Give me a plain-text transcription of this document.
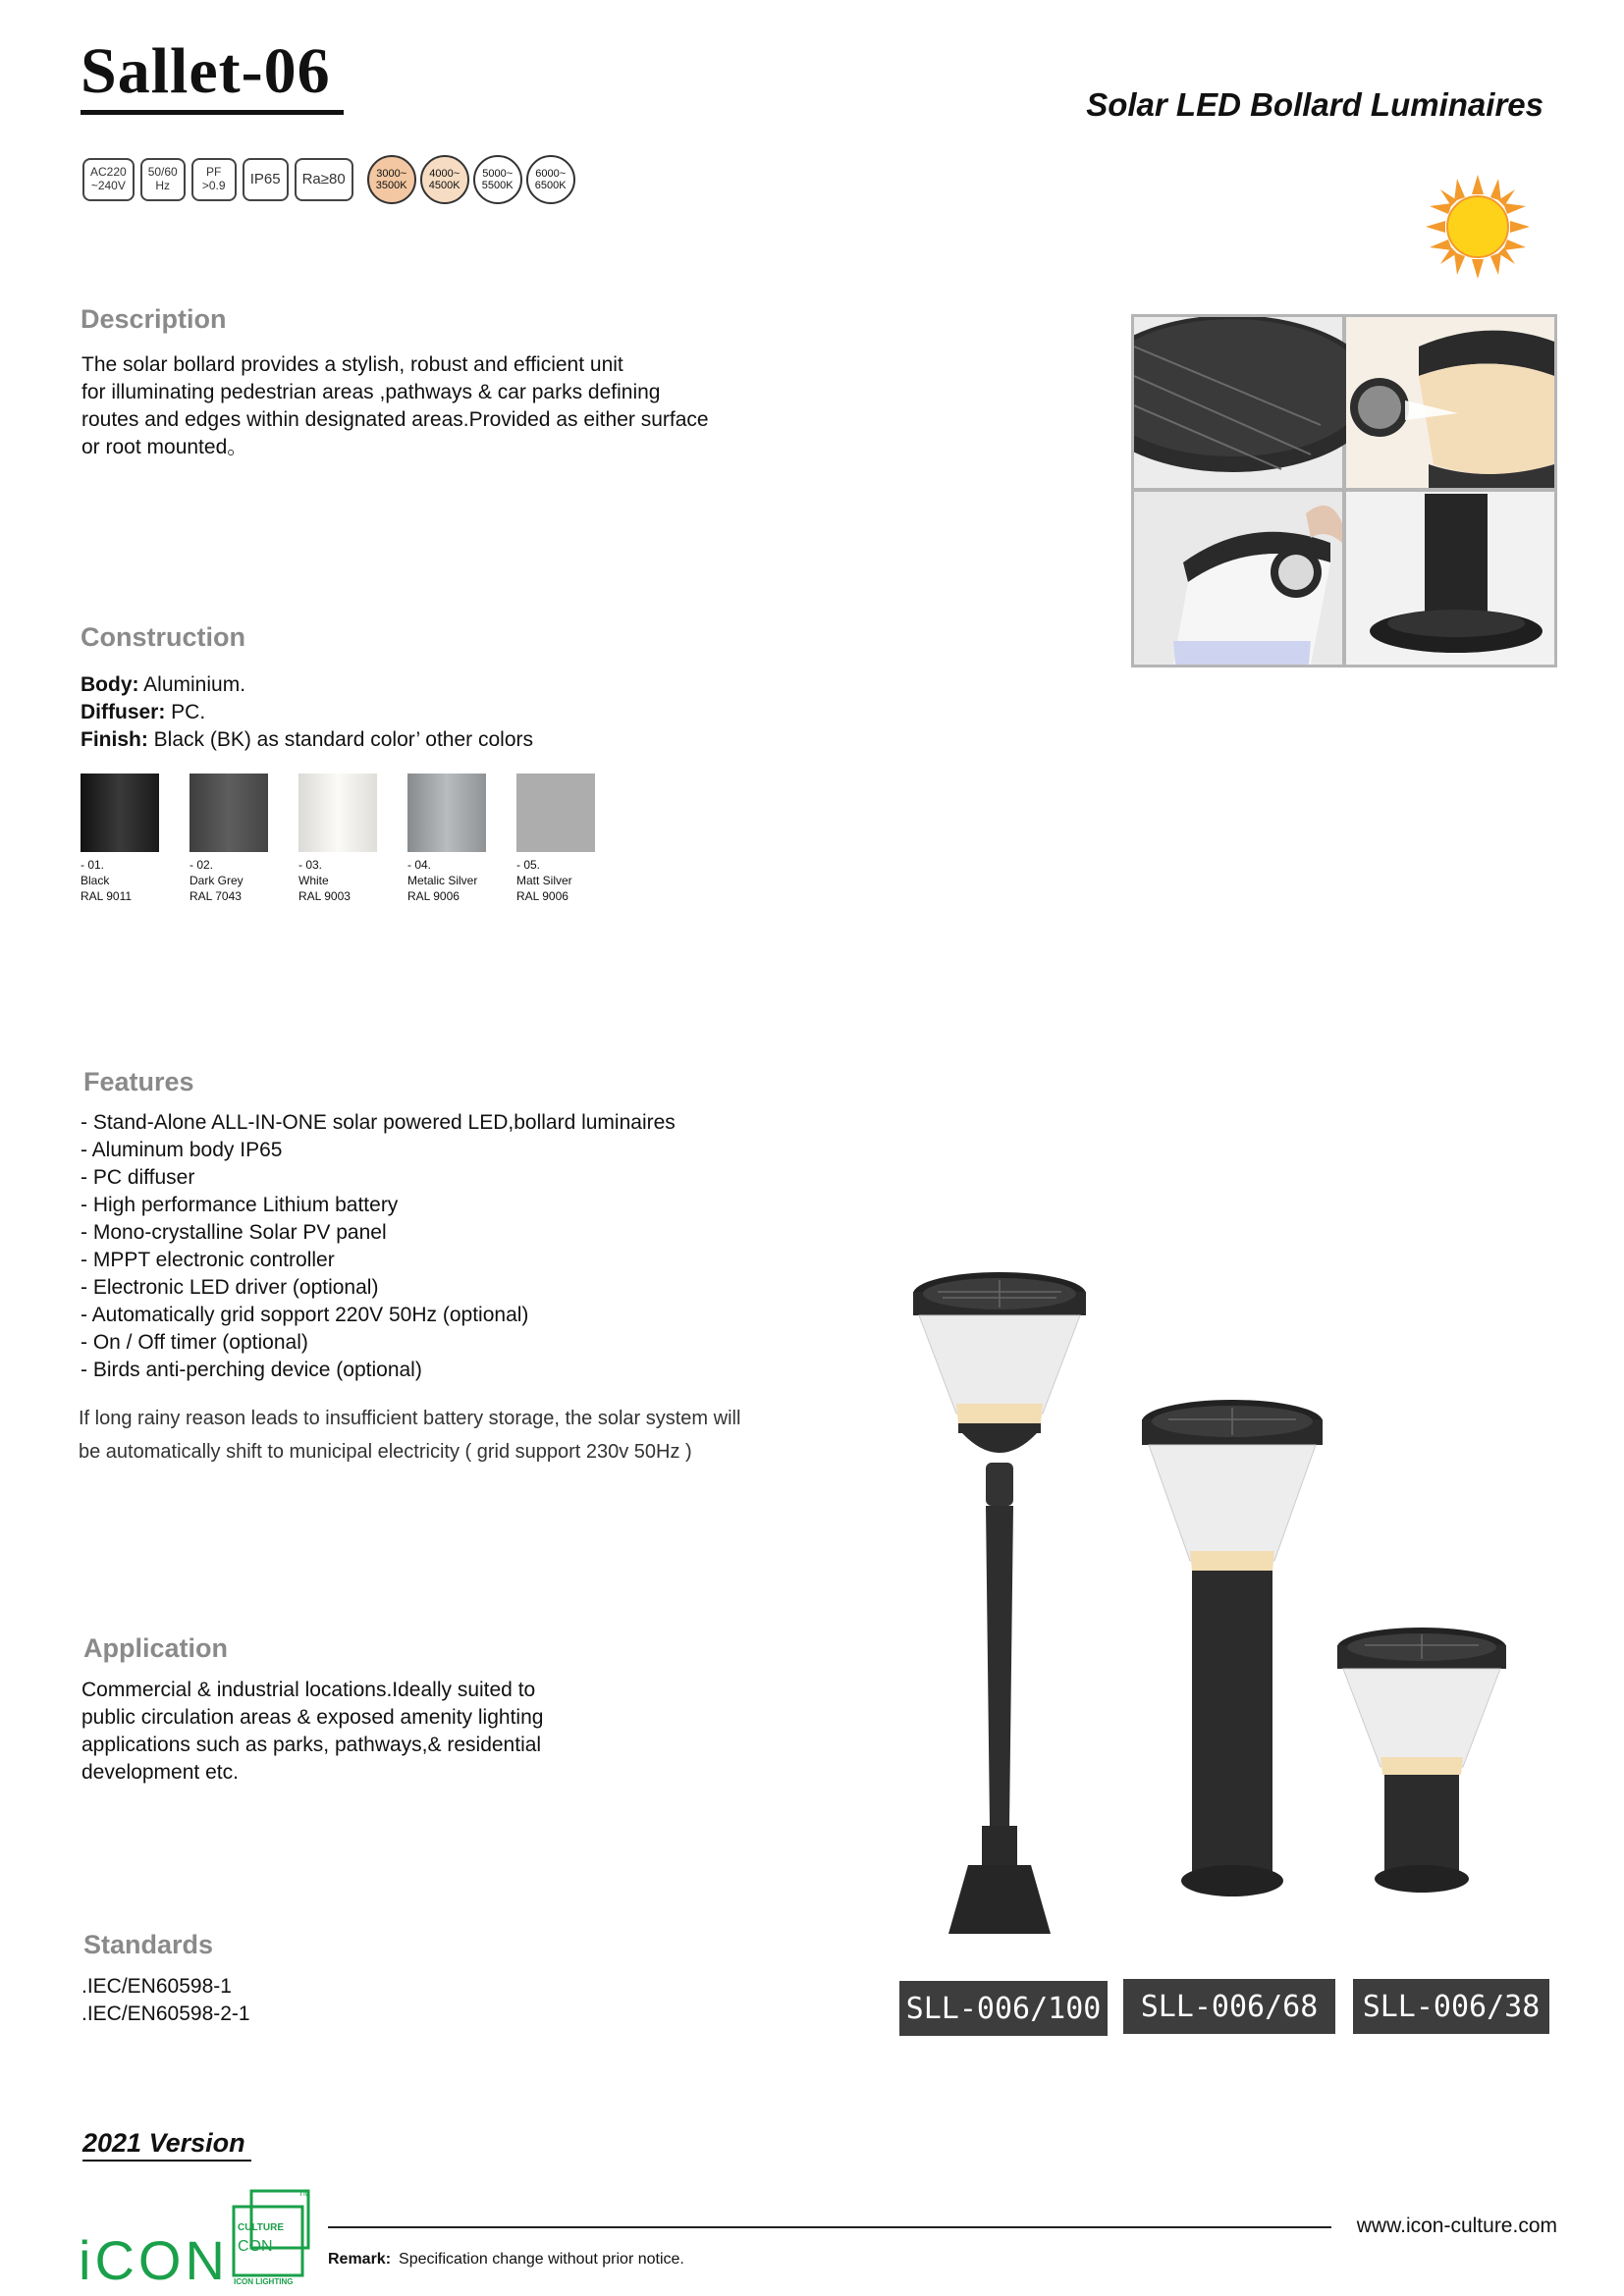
Sallet-06	Solar LED Bollard Luminaires
AC220
~240V
50/60
Hz
PF
>0.9	IP65	Ra≥80	3000~
3500K
4000~
4500K
5000~
5500K
6000~
6500K
Description
The solar bollard provides a stylish, robust and efficient unit
for illuminating pedestrian areas ,pathways & car parks defining
routes and edges within designated areas.Provided as either surface
or root mounted。
Construction
Body: Aluminium.
Diffuser: PC.
Finish: Black (BK) as standard color’ other colors
- 01.
Black
RAL 9011
- 02.
Dark Grey
RAL 7043
- 03.
White
RAL 9003
- 04.
Metalic Silver
RAL 9006
- 05.
Matt Silver
RAL 9006
Features
- Stand-Alone ALL-IN-ONE solar powered LED,bollard luminaires
- Aluminum body IP65
- PC diffuser
- High performance Lithium battery
- Mono-crystalline Solar PV panel
- MPPT electronic controller
- Electronic LED driver (optional)
- Automatically grid sopport 220V 50Hz (optional)
- On / Off timer (optional)
- Birds anti-perching device (optional)
If long rainy reason leads to insufficient battery storage, the solar system will
be automatically shift to municipal electricity ( grid support 230v 50Hz )
Application
Commercial & industrial locations.Ideally suited to
public circulation areas & exposed amenity lighting
applications such as parks, pathways,& residential
development etc.
Standards
.IEC/EN60598-1
.IEC/EN60598-2-1	SLL-006/100	SLL-006/68	SLL-006/38
2021 Version
iCON
CULTURE
CON
ICON LIGHTING
TM
www.icon-culture.com
Remark: Specification change without prior notice.
